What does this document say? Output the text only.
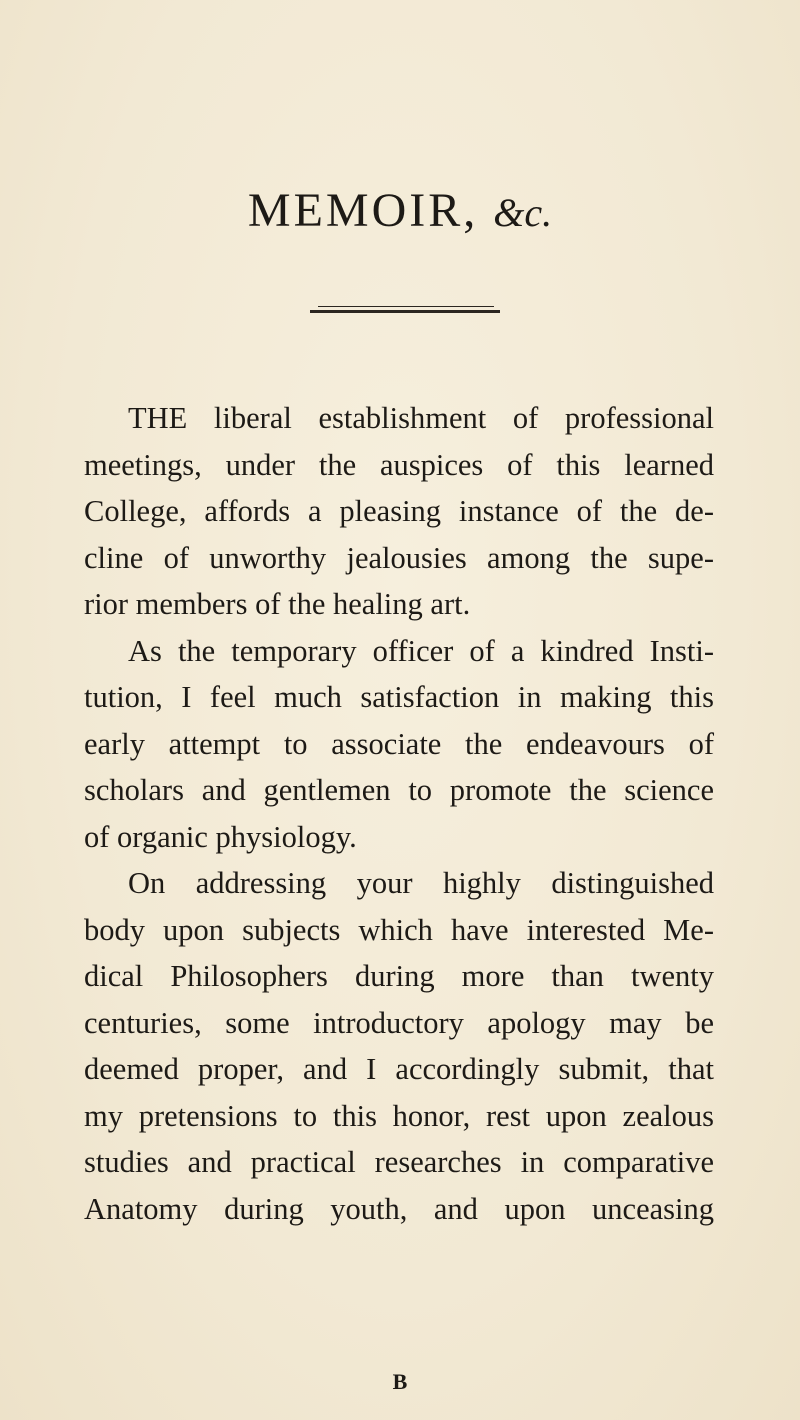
MEMOIR, &c.
THE liberal establishment of professional
meetings, under the auspices of this learned
College, affords a pleasing instance of the de-
cline of unworthy jealousies among the supe-
rior members of the healing art.
As the temporary officer of a kindred Insti-
tution, I feel much satisfaction in making this
early attempt to associate the endeavours of
scholars and gentlemen to promote the science
of organic physiology.
On addressing your highly distinguished
body upon subjects which have interested Me-
dical Philosophers during more than twenty
centuries, some introductory apology may be
deemed proper, and I accordingly submit, that
my pretensions to this honor, rest upon zealous
studies and practical researches in comparative
Anatomy during youth, and upon unceasing
B
